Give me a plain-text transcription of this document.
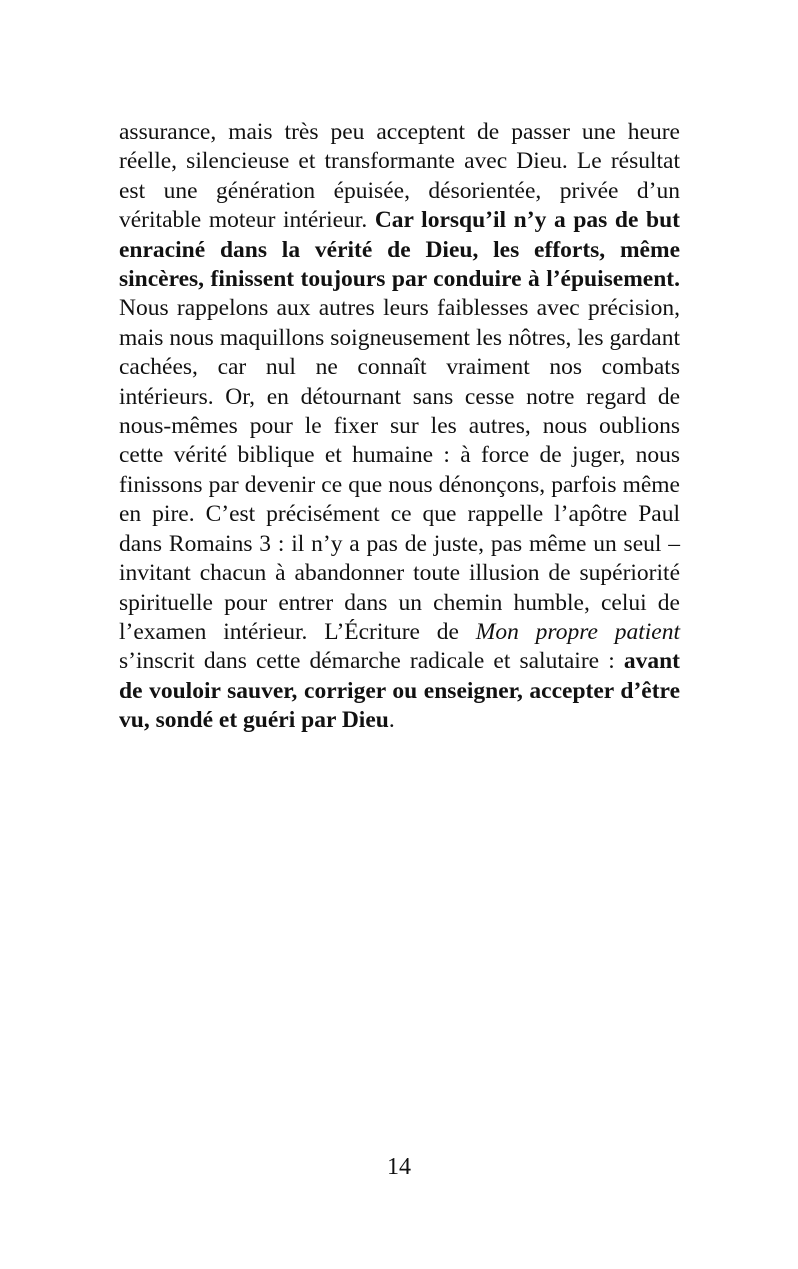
assurance, mais très peu acceptent de passer une heure réelle, silencieuse et transformante avec Dieu. Le résultat est une génération épuisée, désorientée, privée d’un véritable moteur intérieur. Car lorsqu’il n’y a pas de but enraciné dans la vérité de Dieu, les efforts, même sincères, finissent toujours par conduire à l’épuisement. Nous rappelons aux autres leurs faiblesses avec précision, mais nous maquillons soigneusement les nôtres, les gardant cachées, car nul ne connaît vraiment nos combats intérieurs. Or, en détournant sans cesse notre regard de nous-mêmes pour le fixer sur les autres, nous oublions cette vérité biblique et humaine : à force de juger, nous finissons par devenir ce que nous dénonçons, parfois même en pire. C’est précisément ce que rappelle l’apôtre Paul dans Romains 3 : il n’y a pas de juste, pas même un seul – invitant chacun à abandonner toute illusion de supériorité spirituelle pour entrer dans un chemin humble, celui de l’examen intérieur. L’Écriture de Mon propre patient s’inscrit dans cette démarche radicale et salutaire : avant de vouloir sauver, corriger ou enseigner, accepter d’être vu, sondé et guéri par Dieu.

14
